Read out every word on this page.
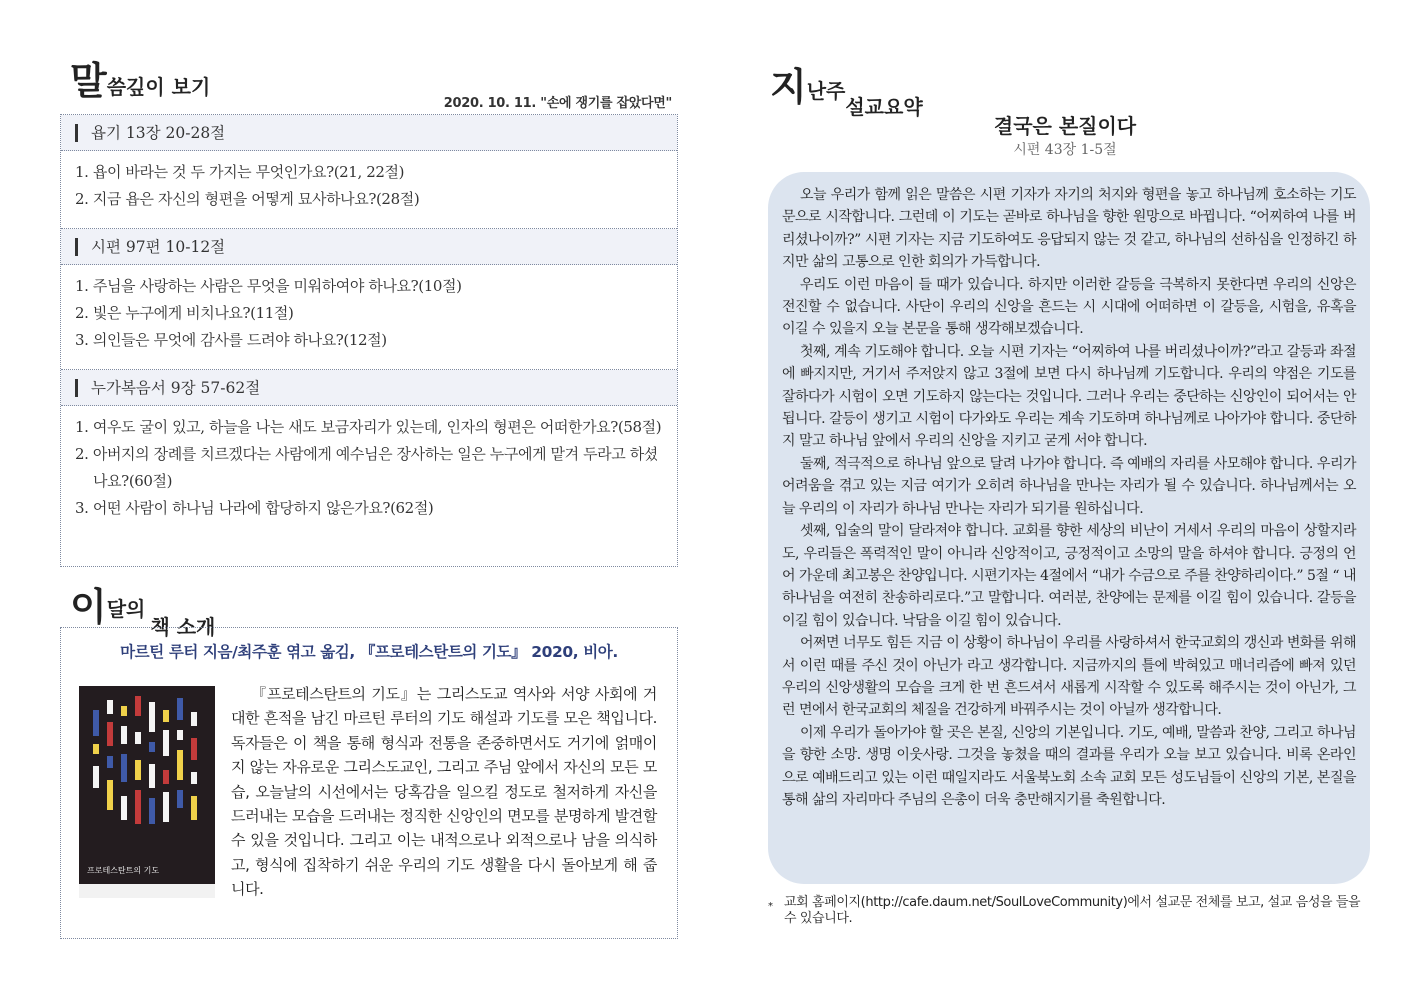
말씀깊이 보기
2020. 10. 11. "손에 쟁기를 잡았다면"
욥기 13장 20-28절

1. 욥이 바라는 것 두 가지는 무엇인가요?(21, 22절)

2. 지금 욥은 자신의 형편을 어떻게 묘사하나요?(28절)

시편 97편 10-12절

1. 주님을 사랑하는 사람은 무엇을 미워하여야 하나요?(10절)

2. 빛은 누구에게 비치나요?(11절)

3. 의인들은 무엇에 감사를 드려야 하나요?(12절)

누가복음서 9장 57-62절

1. 여우도 굴이 있고, 하늘을 나는 새도 보금자리가 있는데, 인자의 형편은 어떠한가요?(58절)

2. 아버지의 장례를 치르겠다는 사람에게 예수님은 장사하는 일은 누구에게 맡겨 두라고 하셨나요?(60절)

3. 어떤 사람이 하나님 나라에 합당하지 않은가요?(62절)

이달의 책 소개
마르틴 루터 지음/최주훈 엮고 옮김, 『프로테스탄트의 기도』 2020, 비아.
프로테스탄트의 기도

『프로테스탄트의 기도』는 그리스도교 역사와 서양 사회에 거대한 흔적을 남긴 마르틴 루터의 기도 해설과 기도를 모은 책입니다. 독자들은 이 책을 통해 형식과 전통을 존중하면서도 거기에 얽매이지 않는 자유로운 그리스도교인, 그리고 주님 앞에서 자신의 모든 모습, 오늘날의 시선에서는 당혹감을 일으킬 정도로 철저하게 자신을 드러내는 모습을 드러내는 정직한 신앙인의 면모를 분명하게 발견할 수 있을 것입니다. 그리고 이는 내적으로나 외적으로나 남을 의식하고, 형식에 집착하기 쉬운 우리의 기도 생활을 다시 돌아보게 해 줍니다.

지난주설교요약
결국은 본질이다
시편 43장 1-5절

오늘 우리가 함께 읽은 말씀은 시편 기자가 자기의 처지와 형편을 놓고 하나님께 호소하는 기도문으로 시작합니다. 그런데 이 기도는 곧바로 하나님을 향한 원망으로 바뀝니다. “어찌하여 나를 버리셨나이까?” 시편 기자는 지금 기도하여도 응답되지 않는 것 같고, 하나님의 선하심을 인정하긴 하지만 삶의 고통으로 인한 회의가 가득합니다.

우리도 이런 마음이 들 때가 있습니다. 하지만 이러한 갈등을 극복하지 못한다면 우리의 신앙은 전진할 수 없습니다. 사단이 우리의 신앙을 흔드는 시 시대에 어떠하면 이 갈등을, 시험을, 유혹을 이길 수 있을지 오늘 본문을 통해 생각해보겠습니다.

첫째, 계속 기도해야 합니다. 오늘 시편 기자는 “어찌하여 나를 버리셨나이까?”라고 갈등과 좌절에 빠지지만, 거기서 주저앉지 않고 3절에 보면 다시 하나님께 기도합니다. 우리의 약점은 기도를 잘하다가 시험이 오면 기도하지 않는다는 것입니다. 그러나 우리는 중단하는 신앙인이 되어서는 안 됩니다. 갈등이 생기고 시험이 다가와도 우리는 계속 기도하며 하나님께로 나아가야 합니다. 중단하지 말고 하나님 앞에서 우리의 신앙을 지키고 굳게 서야 합니다.

둘째, 적극적으로 하나님 앞으로 달려 나가야 합니다. 즉 예배의 자리를 사모해야 합니다. 우리가 어려움을 겪고 있는 지금 여기가 오히려 하나님을 만나는 자리가 될 수 있습니다. 하나님께서는 오늘 우리의 이 자리가 하나님 만나는 자리가 되기를 원하십니다.

셋째, 입술의 말이 달라져야 합니다. 교회를 향한 세상의 비난이 거세서 우리의 마음이 상할지라도, 우리들은 폭력적인 말이 아니라 신앙적이고, 긍정적이고 소망의 말을 하셔야 합니다. 긍정의 언어 가운데 최고봉은 찬양입니다. 시편기자는 4절에서 “내가 수금으로 주를 찬양하리이다.” 5절 “ 내 하나님을 여전히 찬송하리로다.”고 말합니다. 여러분, 찬양에는 문제를 이길 힘이 있습니다. 갈등을 이길 힘이 있습니다. 낙담을 이길 힘이 있습니다.

어쩌면 너무도 힘든 지금 이 상황이 하나님이 우리를 사랑하셔서 한국교회의 갱신과 변화를 위해서 이런 때를 주신 것이 아닌가 라고 생각합니다. 지금까지의 틀에 박혀있고 매너리즘에 빠져 있던 우리의 신앙생활의 모습을 크게 한 번 흔드셔서 새롭게 시작할 수 있도록 해주시는 것이 아닌가, 그런 면에서 한국교회의 체질을 건강하게 바꿔주시는 것이 아닐까 생각합니다.

이제 우리가 돌아가야 할 곳은 본질, 신앙의 기본입니다. 기도, 예배, 말씀과 찬양, 그리고 하나님을 향한 소망. 생명 이웃사랑. 그것을 놓쳤을 때의 결과를 우리가 오늘 보고 있습니다. 비록 온라인으로 예배드리고 있는 이런 때일지라도 서울북노회 소속 교회 모든 성도님들이 신앙의 기본, 본질을 통해 삶의 자리마다 주님의 은총이 더욱 충만해지기를 축원합니다.

* 교회 홈페이지(http://cafe.daum.net/SoulLoveCommunity)에서 설교문 전체를 보고, 설교 음성을 들을 수 있습니다.
